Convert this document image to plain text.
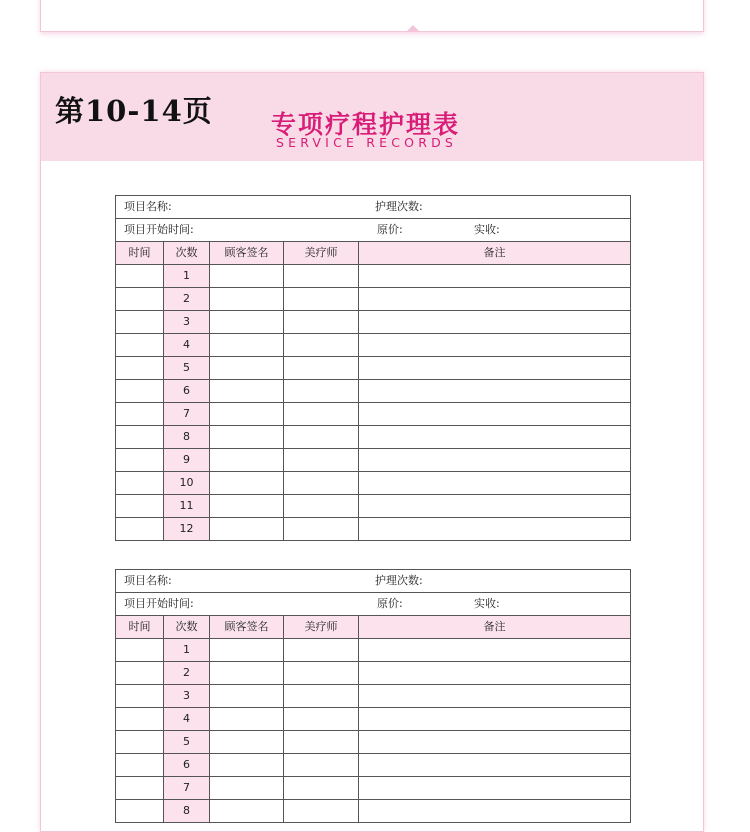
第10-14页 专项疗程护理表
SERVICE RECORDS
项目名称: 护理次数:				

项目开始时间: 原价: 实收:				

时间	次数	顾客签名	美疗师	备注
	1			
	2			
	3			
	4			
	5			
	6			
	7			
	8			
	9			
	10			
	11			
	12			
项目名称: 护理次数:				

项目开始时间: 原价: 实收:				

时间	次数	顾客签名	美疗师	备注
	1			
	2			
	3			
	4			
	5			
	6			
	7			
	8			
